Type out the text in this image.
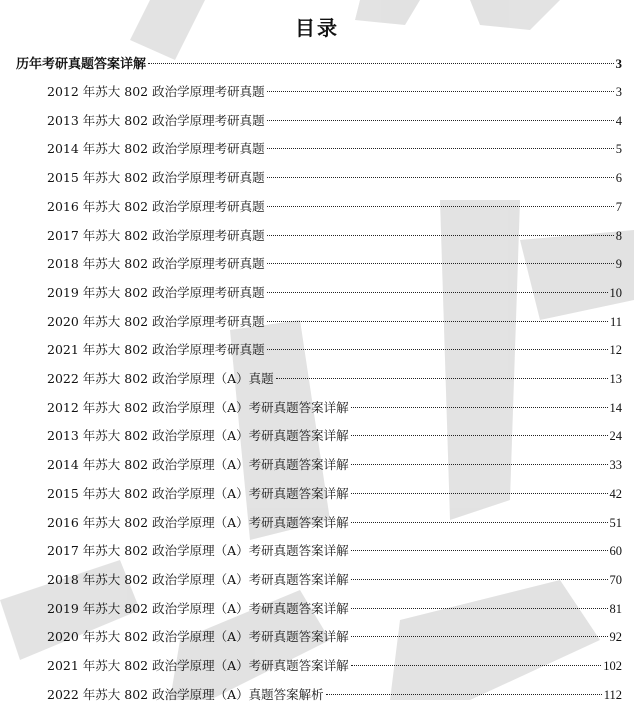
目录
历年考研真题答案详解	3
2012 年苏大 802 政治学原理考研真题	3
2013 年苏大 802 政治学原理考研真题	4
2014 年苏大 802 政治学原理考研真题	5
2015 年苏大 802 政治学原理考研真题	6
2016 年苏大 802 政治学原理考研真题	7
2017 年苏大 802 政治学原理考研真题	8
2018 年苏大 802 政治学原理考研真题	9
2019 年苏大 802 政治学原理考研真题	10
2020 年苏大 802 政治学原理考研真题	11
2021 年苏大 802 政治学原理考研真题	12
2022 年苏大 802 政治学原理（A）真题	13
2012 年苏大 802 政治学原理（A）考研真题答案详解	14
2013 年苏大 802 政治学原理（A）考研真题答案详解	24
2014 年苏大 802 政治学原理（A）考研真题答案详解	33
2015 年苏大 802 政治学原理（A）考研真题答案详解	42
2016 年苏大 802 政治学原理（A）考研真题答案详解	51
2017 年苏大 802 政治学原理（A）考研真题答案详解	60
2018 年苏大 802 政治学原理（A）考研真题答案详解	70
2019 年苏大 802 政治学原理（A）考研真题答案详解	81
2020 年苏大 802 政治学原理（A）考研真题答案详解	92
2021 年苏大 802 政治学原理（A）考研真题答案详解	102
2022 年苏大 802 政治学原理（A）真题答案解析	112
